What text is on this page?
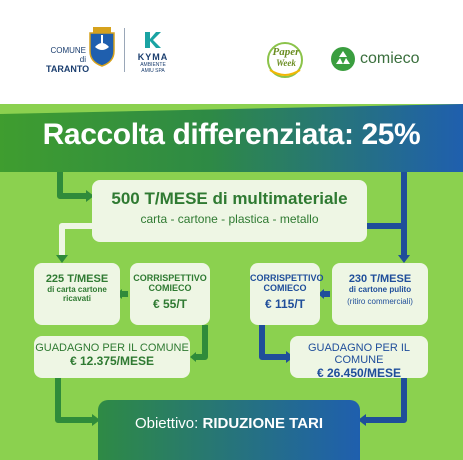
COMUNE di
TARANTO
KYMA
AMBIENTE
AMIU SPA
Paper
Week	comieco
Raccolta differenziata: 25%
500 T/MESE di multimateriale
carta - cartone - plastica - metallo
225 T/MESE
di carta cartone
ricavati
CORRISPETTIVO
COMIECO
€ 55/T
GUADAGNO PER IL COMUNE
€ 12.375/MESE
CORRISPETTIVO
COMIECO
€ 115/T
230 T/MESE
di cartone pulito
(ritiro commerciali)
GUADAGNO PER IL COMUNE
€ 26.450/MESE
Obiettivo: RIDUZIONE TARI
